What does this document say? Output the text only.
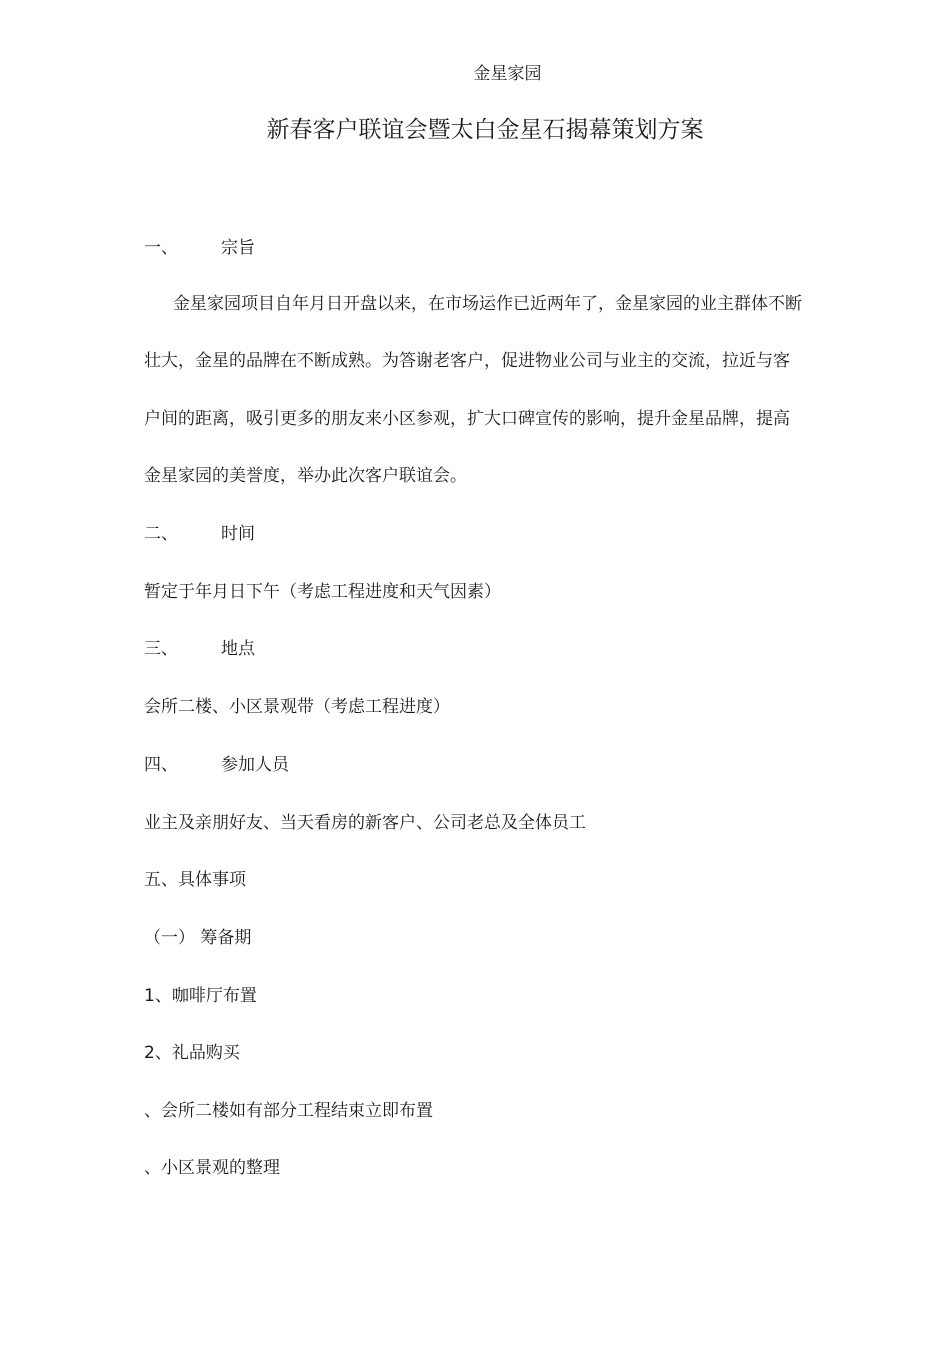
金星家园
新春客户联谊会暨太白金星石揭幕策划方案
一、	宗旨
金星家园项目自年月日开盘以来，在市场运作已近两年了，金星家园的业主群体不断
壮大，金星的品牌在不断成熟。为答谢老客户，促进物业公司与业主的交流，拉近与客
户间的距离，吸引更多的朋友来小区参观，扩大口碑宣传的影响，提升金星品牌，提高
金星家园的美誉度，举办此次客户联谊会。
二、	时间
暂定于年月日下午（考虑工程进度和天气因素）
三、	地点
会所二楼、小区景观带（考虑工程进度）
四、	参加人员
业主及亲朋好友、当天看房的新客户、公司老总及全体员工
五、具体事项
（一） 筹备期
1、咖啡厅布置
2、礼品购买
、会所二楼如有部分工程结束立即布置
、小区景观的整理
